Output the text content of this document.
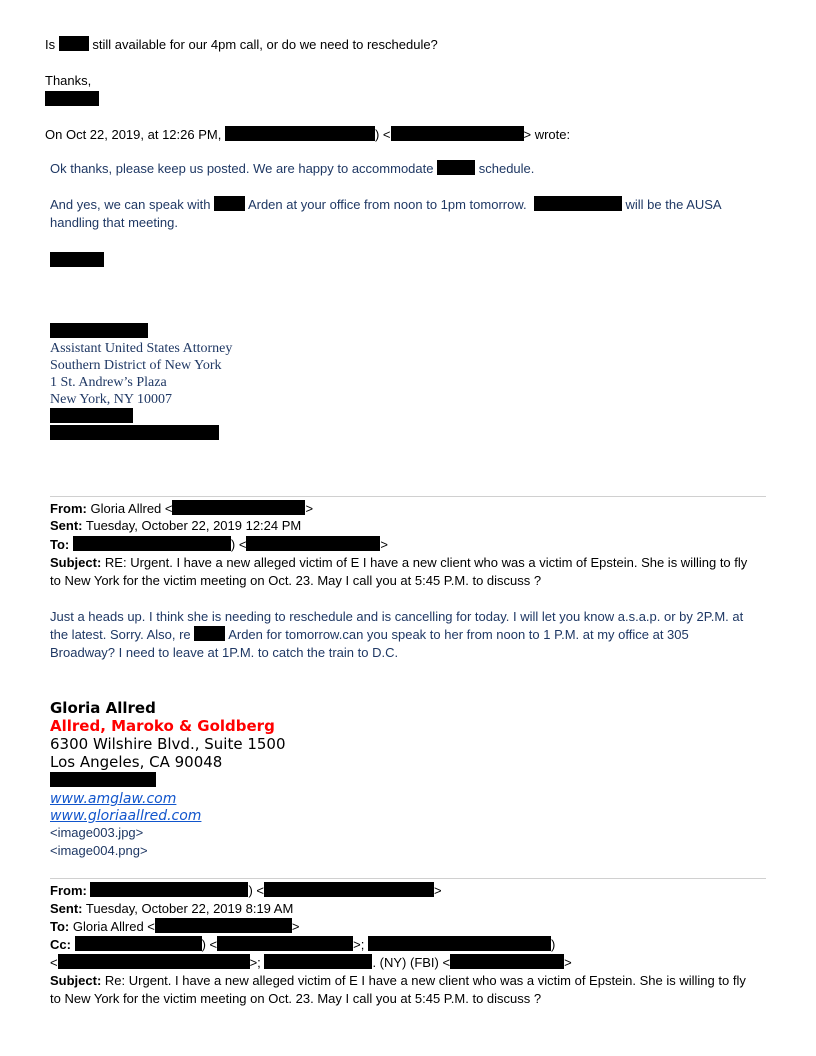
Is	still available for our 4pm call, or do we need to reschedule?
Thanks,
On Oct 22, 2019, at 12:26 PM,	) <	> wrote:
Ok thanks, please keep us posted. We are happy to accommodate	schedule.
And yes, we can speak with	Arden at your office from noon to 1pm tomorrow.	will be the AUSA
handling that meeting.
Assistant United States Attorney
Southern District of New York
1 St. Andrew’s Plaza
New York, NY 10007
From: Gloria Allred <	>
Sent: Tuesday, October 22, 2019 12:24 PM
To:	) <	>
Subject: RE: Urgent. I have a new alleged victim of E I have a new client who was a victim of Epstein. She is willing to fly
to New York for the victim meeting on Oct. 23. May I call you at 5:45 P.M. to discuss ?
Just a heads up. I think she is needing to reschedule and is cancelling for today. I will let you know a.s.a.p. or by 2P.M. at
the latest. Sorry. Also, re	Arden for tomorrow.can you speak to her from noon to 1 P.M. at my office at 305
Broadway? I need to leave at 1P.M. to catch the train to D.C.
Gloria Allred
Allred, Maroko & Goldberg
6300 Wilshire Blvd., Suite 1500
Los Angeles, CA 90048
www.amglaw.com
www.gloriaallred.com
<image003.jpg>
<image004.png>
From:	) <	>
Sent: Tuesday, October 22, 2019 8:19 AM
To: Gloria Allred <	>
Cc:	) <	>;	)
<	>;	. (NY) (FBI) <	>
Subject: Re: Urgent. I have a new alleged victim of E I have a new client who was a victim of Epstein. She is willing to fly
to New York for the victim meeting on Oct. 23. May I call you at 5:45 P.M. to discuss ?
